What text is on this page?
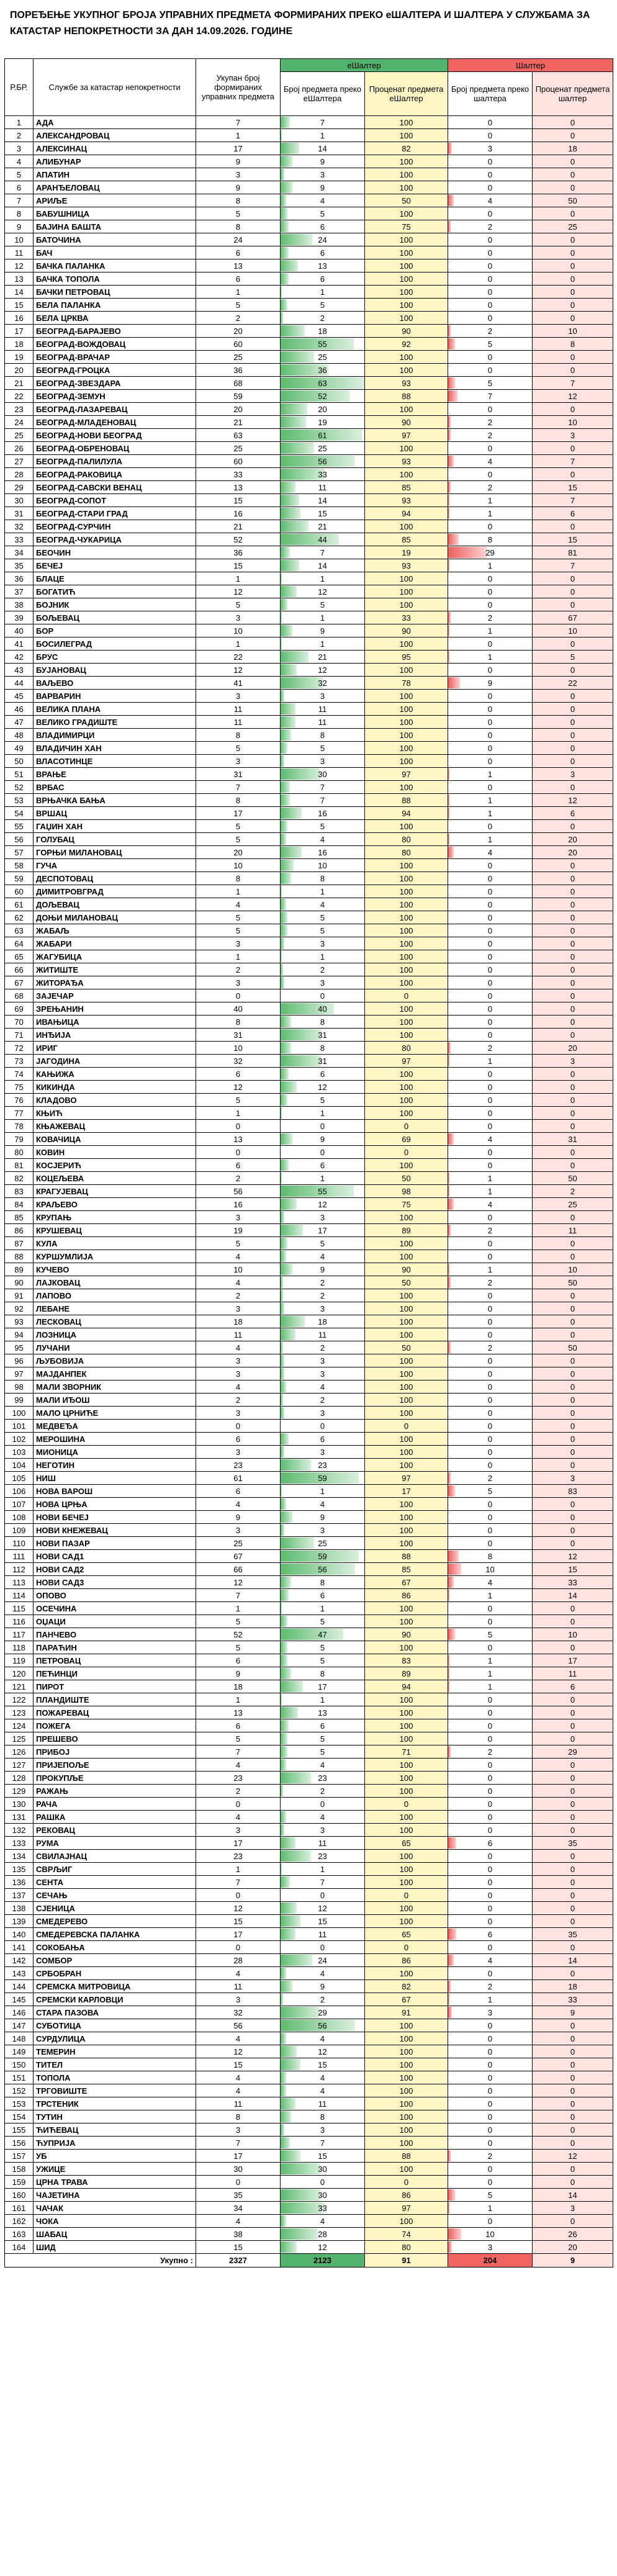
ПОРЕЂЕЊЕ УКУПНОГ БРОЈА УПРАВНИХ ПРЕДМЕТА ФОРМИРАНИХ ПРЕКО еШАЛТЕРА И ШАЛТЕРА У СЛУЖБАМА ЗА КАТАСТАР НЕПОКРЕТНОСТИ ЗА ДАН 14.09.2026. ГОДИНЕ
Р.БР.	Службе за катастар непокретности	Укупан број формираних управних предмета	еШалтер		Шалтер	
			Број предмета преко еШалтера	Проценат предмета еШалтер	Број предмета преко шалтера	Проценат предмета шалтер
1	АДА	7	7	100	0	0
2	АЛЕКСАНДРОВАЦ	1	1	100	0	0
3	АЛЕКСИНАЦ	17	14	82	3	18
4	АЛИБУНАР	9	9	100	0	0
5	АПАТИН	3	3	100	0	0
6	АРАНЂЕЛОВАЦ	9	9	100	0	0
7	АРИЉЕ	8	4	50	4	50
8	БАБУШНИЦА	5	5	100	0	0
9	БАЈИНА БАШТА	8	6	75	2	25
10	БАТОЧИНА	24	24	100	0	0
11	БАЧ	6	6	100	0	0
12	БАЧКА ПАЛАНКА	13	13	100	0	0
13	БАЧКА ТОПОЛА	6	6	100	0	0
14	БАЧКИ ПЕТРОВАЦ	1	1	100	0	0
15	БЕЛА ПАЛАНКА	5	5	100	0	0
16	БЕЛА ЦРКВА	2	2	100	0	0
17	БЕОГРАД-БАРАЈЕВО	20	18	90	2	10
18	БЕОГРАД-ВОЖДОВАЦ	60	55	92	5	8
19	БЕОГРАД-ВРАЧАР	25	25	100	0	0
20	БЕОГРАД-ГРОЦКА	36	36	100	0	0
21	БЕОГРАД-ЗВЕЗДАРА	68	63	93	5	7
22	БЕОГРАД-ЗЕМУН	59	52	88	7	12
23	БЕОГРАД-ЛАЗАРЕВАЦ	20	20	100	0	0
24	БЕОГРАД-МЛАДЕНОВАЦ	21	19	90	2	10
25	БЕОГРАД-НОВИ БЕОГРАД	63	61	97	2	3
26	БЕОГРАД-ОБРЕНОВАЦ	25	25	100	0	0
27	БЕОГРАД-ПАЛИЛУЛА	60	56	93	4	7
28	БЕОГРАД-РАКОВИЦА	33	33	100	0	0
29	БЕОГРАД-САВСКИ ВЕНАЦ	13	11	85	2	15
30	БЕОГРАД-СОПОТ	15	14	93	1	7
31	БЕОГРАД-СТАРИ ГРАД	16	15	94	1	6
32	БЕОГРАД-СУРЧИН	21	21	100	0	0
33	БЕОГРАД-ЧУКАРИЦА	52	44	85	8	15
34	БЕОЧИН	36	7	19	29	81
35	БЕЧЕЈ	15	14	93	1	7
36	БЛАЦЕ	1	1	100	0	0
37	БОГАТИЋ	12	12	100	0	0
38	БОЈНИК	5	5	100	0	0
39	БОЉЕВАЦ	3	1	33	2	67
40	БОР	10	9	90	1	10
41	БОСИЛЕГРАД	1	1	100	0	0
42	БРУС	22	21	95	1	5
43	БУЈАНОВАЦ	12	12	100	0	0
44	ВАЉЕВО	41	32	78	9	22
45	ВАРВАРИН	3	3	100	0	0
46	ВЕЛИКА ПЛАНА	11	11	100	0	0
47	ВЕЛИКО ГРАДИШТЕ	11	11	100	0	0
48	ВЛАДИМИРЦИ	8	8	100	0	0
49	ВЛАДИЧИН ХАН	5	5	100	0	0
50	ВЛАСОТИНЦЕ	3	3	100	0	0
51	ВРАЊЕ	31	30	97	1	3
52	ВРБАС	7	7	100	0	0
53	ВРЊАЧКА БАЊА	8	7	88	1	12
54	ВРШАЦ	17	16	94	1	6
55	ГАЏИН ХАН	5	5	100	0	0
56	ГОЛУБАЦ	5	4	80	1	20
57	ГОРЊИ МИЛАНОВАЦ	20	16	80	4	20
58	ГУЧА	10	10	100	0	0
59	ДЕСПОТОВАЦ	8	8	100	0	0
60	ДИМИТРОВГРАД	1	1	100	0	0
61	ДОЉЕВАЦ	4	4	100	0	0
62	ДОЊИ МИЛАНОВАЦ	5	5	100	0	0
63	ЖАБАЉ	5	5	100	0	0
64	ЖАБАРИ	3	3	100	0	0
65	ЖАГУБИЦА	1	1	100	0	0
66	ЖИТИШТЕ	2	2	100	0	0
67	ЖИТОРАЂА	3	3	100	0	0
68	ЗАЈЕЧАР	0	0	0	0	0
69	ЗРЕЊАНИН	40	40	100	0	0
70	ИВАЊИЦА	8	8	100	0	0
71	ИНЂИЈА	31	31	100	0	0
72	ИРИГ	10	8	80	2	20
73	ЈАГОДИНА	32	31	97	1	3
74	КАЊИЖА	6	6	100	0	0
75	КИКИНДА	12	12	100	0	0
76	КЛАДОВО	5	5	100	0	0
77	КЊИЋ	1	1	100	0	0
78	КЊАЖЕВАЦ	0	0	0	0	0
79	КОВАЧИЦА	13	9	69	4	31
80	КОВИН	0	0	0	0	0
81	КОСЈЕРИЋ	6	6	100	0	0
82	КОЦЕЉЕВА	2	1	50	1	50
83	КРАГУЈЕВАЦ	56	55	98	1	2
84	КРАЉЕВО	16	12	75	4	25
85	КРУПАЊ	3	3	100	0	0
86	КРУШЕВАЦ	19	17	89	2	11
87	КУЛА	5	5	100	0	0
88	КУРШУМЛИЈА	4	4	100	0	0
89	КУЧЕВО	10	9	90	1	10
90	ЛАЈКОВАЦ	4	2	50	2	50
91	ЛАПОВО	2	2	100	0	0
92	ЛЕБАНЕ	3	3	100	0	0
93	ЛЕСКОВАЦ	18	18	100	0	0
94	ЛОЗНИЦА	11	11	100	0	0
95	ЛУЧАНИ	4	2	50	2	50
96	ЉУБОВИЈА	3	3	100	0	0
97	МАЈДАНПЕК	3	3	100	0	0
98	МАЛИ ЗВОРНИК	4	4	100	0	0
99	МАЛИ ИЂОШ	2	2	100	0	0
100	МАЛО ЦРНИЋЕ	3	3	100	0	0
101	МЕДВЕЂА	0	0	0	0	0
102	МЕРОШИНА	6	6	100	0	0
103	МИОНИЦА	3	3	100	0	0
104	НЕГОТИН	23	23	100	0	0
105	НИШ	61	59	97	2	3
106	НОВА ВАРОШ	6	1	17	5	83
107	НОВА ЦРЊА	4	4	100	0	0
108	НОВИ БЕЧЕЈ	9	9	100	0	0
109	НОВИ КНЕЖЕВАЦ	3	3	100	0	0
110	НОВИ ПАЗАР	25	25	100	0	0
111	НОВИ САД1	67	59	88	8	12
112	НОВИ САД2	66	56	85	10	15
113	НОВИ САД3	12	8	67	4	33
114	ОПОВО	7	6	86	1	14
115	ОСЕЧИНА	1	1	100	0	0
116	ОЏАЦИ	5	5	100	0	0
117	ПАНЧЕВО	52	47	90	5	10
118	ПАРАЋИН	5	5	100	0	0
119	ПЕТРОВАЦ	6	5	83	1	17
120	ПЕЋИНЦИ	9	8	89	1	11
121	ПИРОТ	18	17	94	1	6
122	ПЛАНДИШТЕ	1	1	100	0	0
123	ПОЖАРЕВАЦ	13	13	100	0	0
124	ПОЖЕГА	6	6	100	0	0
125	ПРЕШЕВО	5	5	100	0	0
126	ПРИБОЈ	7	5	71	2	29
127	ПРИЈЕПОЉЕ	4	4	100	0	0
128	ПРОКУПЉЕ	23	23	100	0	0
129	РАЖАЊ	2	2	100	0	0
130	РАЧА	0	0	0	0	0
131	РАШКА	4	4	100	0	0
132	РЕКОВАЦ	3	3	100	0	0
133	РУМА	17	11	65	6	35
134	СВИЛАЈНАЦ	23	23	100	0	0
135	СВРЉИГ	1	1	100	0	0
136	СЕНТА	7	7	100	0	0
137	СЕЧАЊ	0	0	0	0	0
138	СЈЕНИЦА	12	12	100	0	0
139	СМЕДЕРЕВО	15	15	100	0	0
140	СМЕДЕРЕВСКА ПАЛАНКА	17	11	65	6	35
141	СОКОБАЊА	0	0	0	0	0
142	СОМБОР	28	24	86	4	14
143	СРБОБРАН	4	4	100	0	0
144	СРЕМСКА МИТРОВИЦА	11	9	82	2	18
145	СРЕМСКИ КАРЛОВЦИ	3	2	67	1	33
146	СТАРА ПАЗОВА	32	29	91	3	9
147	СУБОТИЦА	56	56	100	0	0
148	СУРДУЛИЦА	4	4	100	0	0
149	ТЕМЕРИН	12	12	100	0	0
150	ТИТЕЛ	15	15	100	0	0
151	ТОПОЛА	4	4	100	0	0
152	ТРГОВИШТЕ	4	4	100	0	0
153	ТРСТЕНИК	11	11	100	0	0
154	ТУТИН	8	8	100	0	0
155	ЋИЋЕВАЦ	3	3	100	0	0
156	ЋУПРИЈА	7	7	100	0	0
157	УБ	17	15	88	2	12
158	УЖИЦЕ	30	30	100	0	0
159	ЦРНА ТРАВА	0	0	0	0	0
160	ЧАЈЕТИНА	35	30	86	5	14
161	ЧАЧАК	34	33	97	1	3
162	ЧОКА	4	4	100	0	0
163	ШАБАЦ	38	28	74	10	26
164	ШИД	15	12	80	3	20
	Укупно :	2327	2123	91	204	9
